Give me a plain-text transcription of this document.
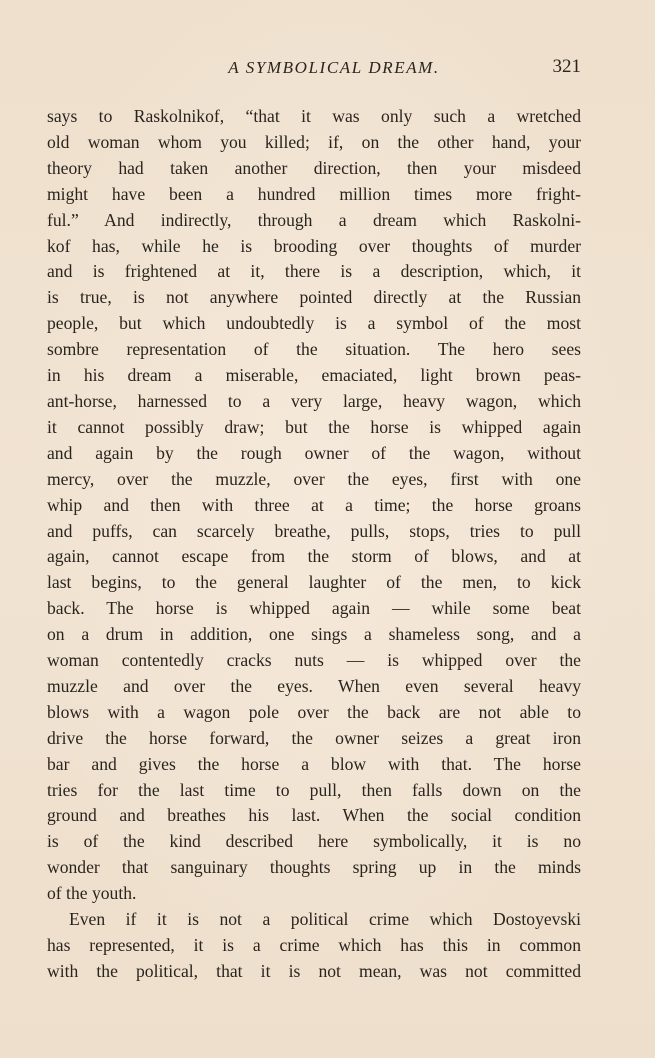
A SYMBOLICAL DREAM.	321
says to Raskolnikof, “that it was only such a wretched
old woman whom you killed; if, on the other hand, your
theory had taken another direction, then your misdeed
might have been a hundred million times more fright-
ful.” And indirectly, through a dream which Raskolni-
kof has, while he is brooding over thoughts of murder
and is frightened at it, there is a description, which, it
is true, is not anywhere pointed directly at the Russian
people, but which undoubtedly is a symbol of the most
sombre representation of the situation. The hero sees
in his dream a miserable, emaciated, light brown peas-
ant-horse, harnessed to a very large, heavy wagon, which
it cannot possibly draw; but the horse is whipped again
and again by the rough owner of the wagon, without
mercy, over the muzzle, over the eyes, first with one
whip and then with three at a time; the horse groans
and puffs, can scarcely breathe, pulls, stops, tries to pull
again, cannot escape from the storm of blows, and at
last begins, to the general laughter of the men, to kick
back. The horse is whipped again — while some beat
on a drum in addition, one sings a shameless song, and a
woman contentedly cracks nuts — is whipped over the
muzzle and over the eyes. When even several heavy
blows with a wagon pole over the back are not able to
drive the horse forward, the owner seizes a great iron
bar and gives the horse a blow with that. The horse
tries for the last time to pull, then falls down on the
ground and breathes his last. When the social condition
is of the kind described here symbolically, it is no
wonder that sanguinary thoughts spring up in the minds
of the youth.
Even if it is not a political crime which Dostoyevski
has represented, it is a crime which has this in common
with the political, that it is not mean, was not committed
